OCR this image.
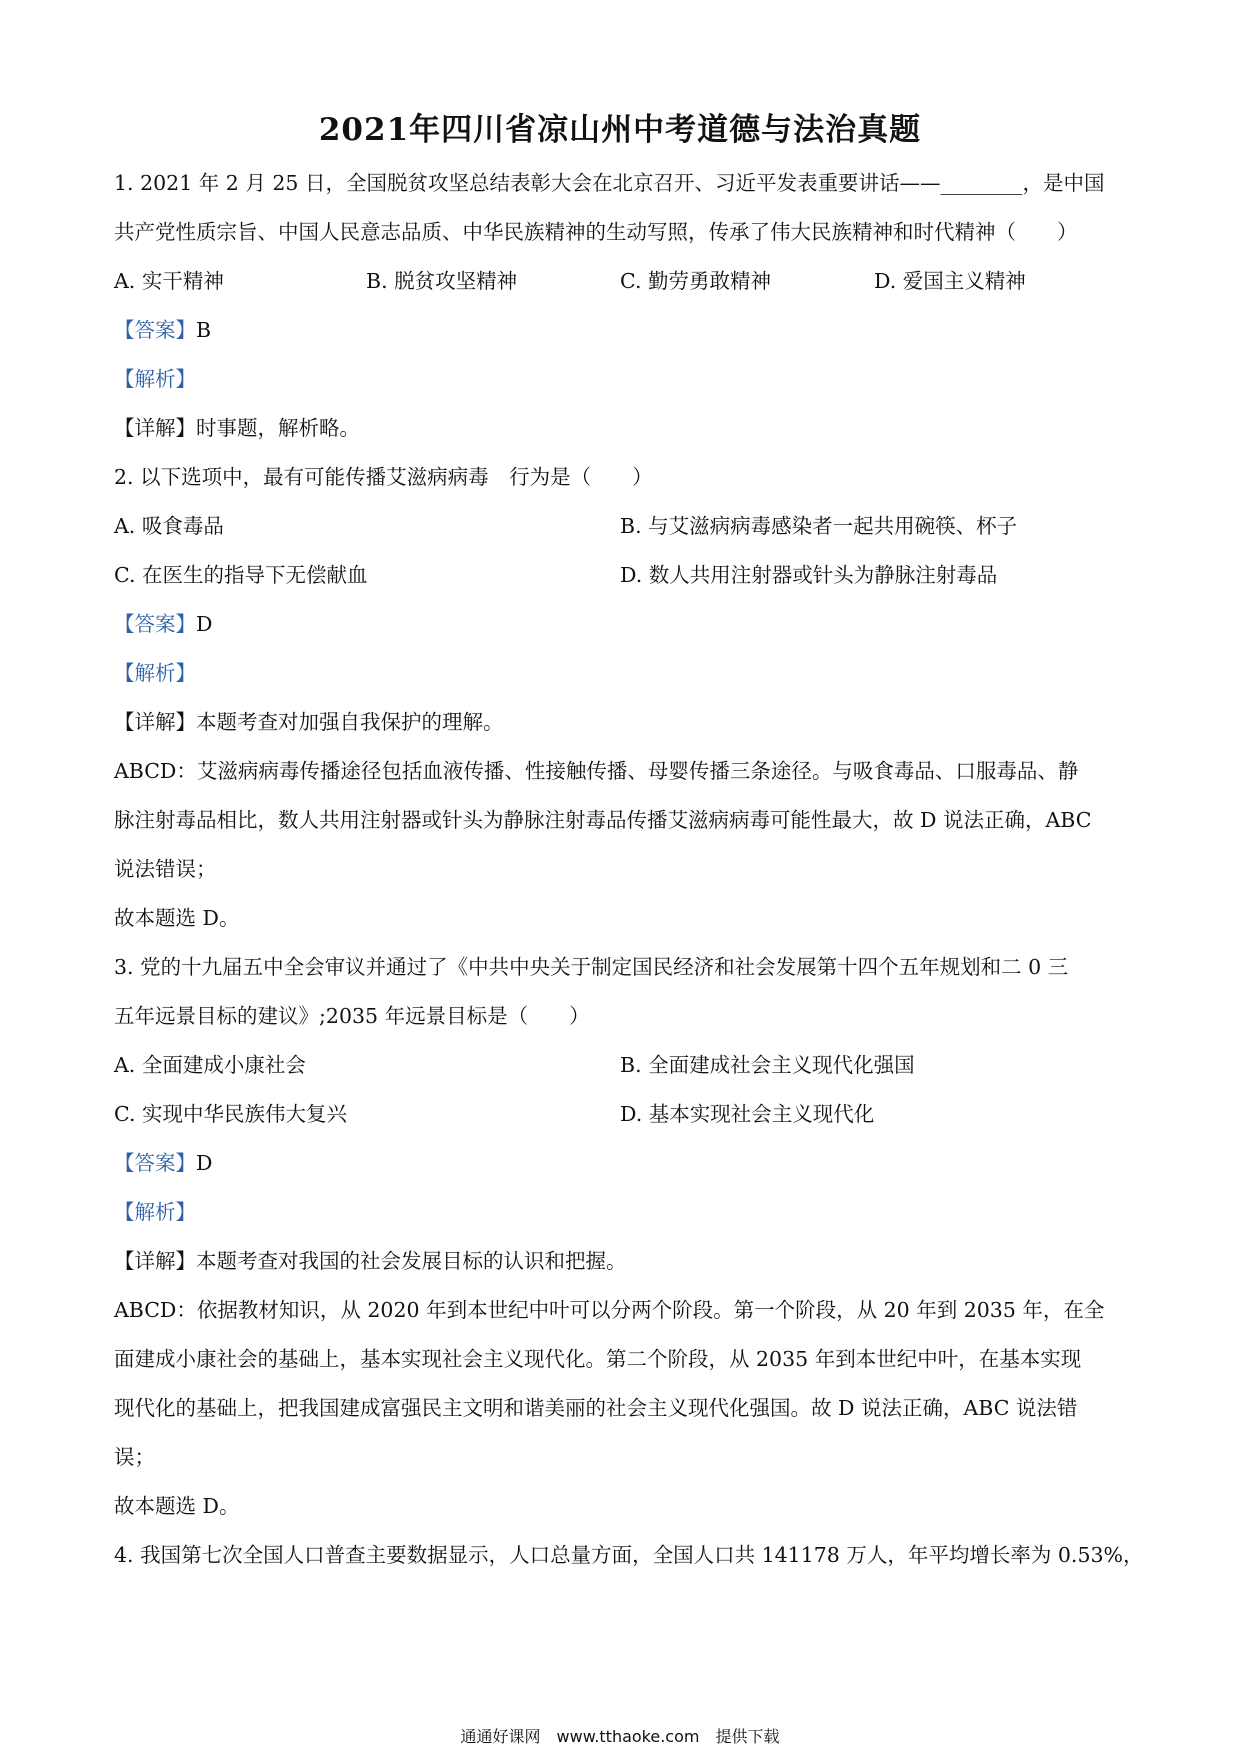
2021年四川省凉山州中考道德与法治真题
1. 2021 年 2 月 25 日，全国脱贫攻坚总结表彰大会在北京召开、习近平发表重要讲话——________，是中国
共产党性质宗旨、中国人民意志品质、中华民族精神的生动写照，传承了伟大民族精神和时代精神（　　）
A. 实干精神	B. 脱贫攻坚精神	C. 勤劳勇敢精神	D. 爱国主义精神
【答案】B
【解析】
【详解】时事题，解析略。
2. 以下选项中，最有可能传播艾滋病病毒　行为是（　　）
A. 吸食毒品	B. 与艾滋病病毒感染者一起共用碗筷、杯子
C. 在医生的指导下无偿献血	D. 数人共用注射器或针头为静脉注射毒品
【答案】D
【解析】
【详解】本题考查对加强自我保护的理解。
ABCD：艾滋病病毒传播途径包括血液传播、性接触传播、母婴传播三条途径。与吸食毒品、口服毒品、静
脉注射毒品相比，数人共用注射器或针头为静脉注射毒品传播艾滋病病毒可能性最大，故 D 说法正确，ABC
说法错误；
故本题选 D。
3. 党的十九届五中全会审议并通过了《中共中央关于制定国民经济和社会发展第十四个五年规划和二 0 三
五年远景目标的建议》;2035 年远景目标是（　　）
A. 全面建成小康社会	B. 全面建成社会主义现代化强国
C. 实现中华民族伟大复兴	D. 基本实现社会主义现代化
【答案】D
【解析】
【详解】本题考查对我国的社会发展目标的认识和把握。
ABCD：依据教材知识，从 2020 年到本世纪中叶可以分两个阶段。第一个阶段，从 20 年到 2035 年，在全
面建成小康社会的基础上，基本实现社会主义现代化。第二个阶段，从 2035 年到本世纪中叶，在基本实现
现代化的基础上，把我国建成富强民主文明和谐美丽的社会主义现代化强国。故 D 说法正确，ABC 说法错
误；
故本题选 D。
4. 我国第七次全国人口普查主要数据显示，人口总量方面，全国人口共 141178 万人，年平均增长率为 0.53%，
通通好课网　www.tthaoke.com　提供下载
